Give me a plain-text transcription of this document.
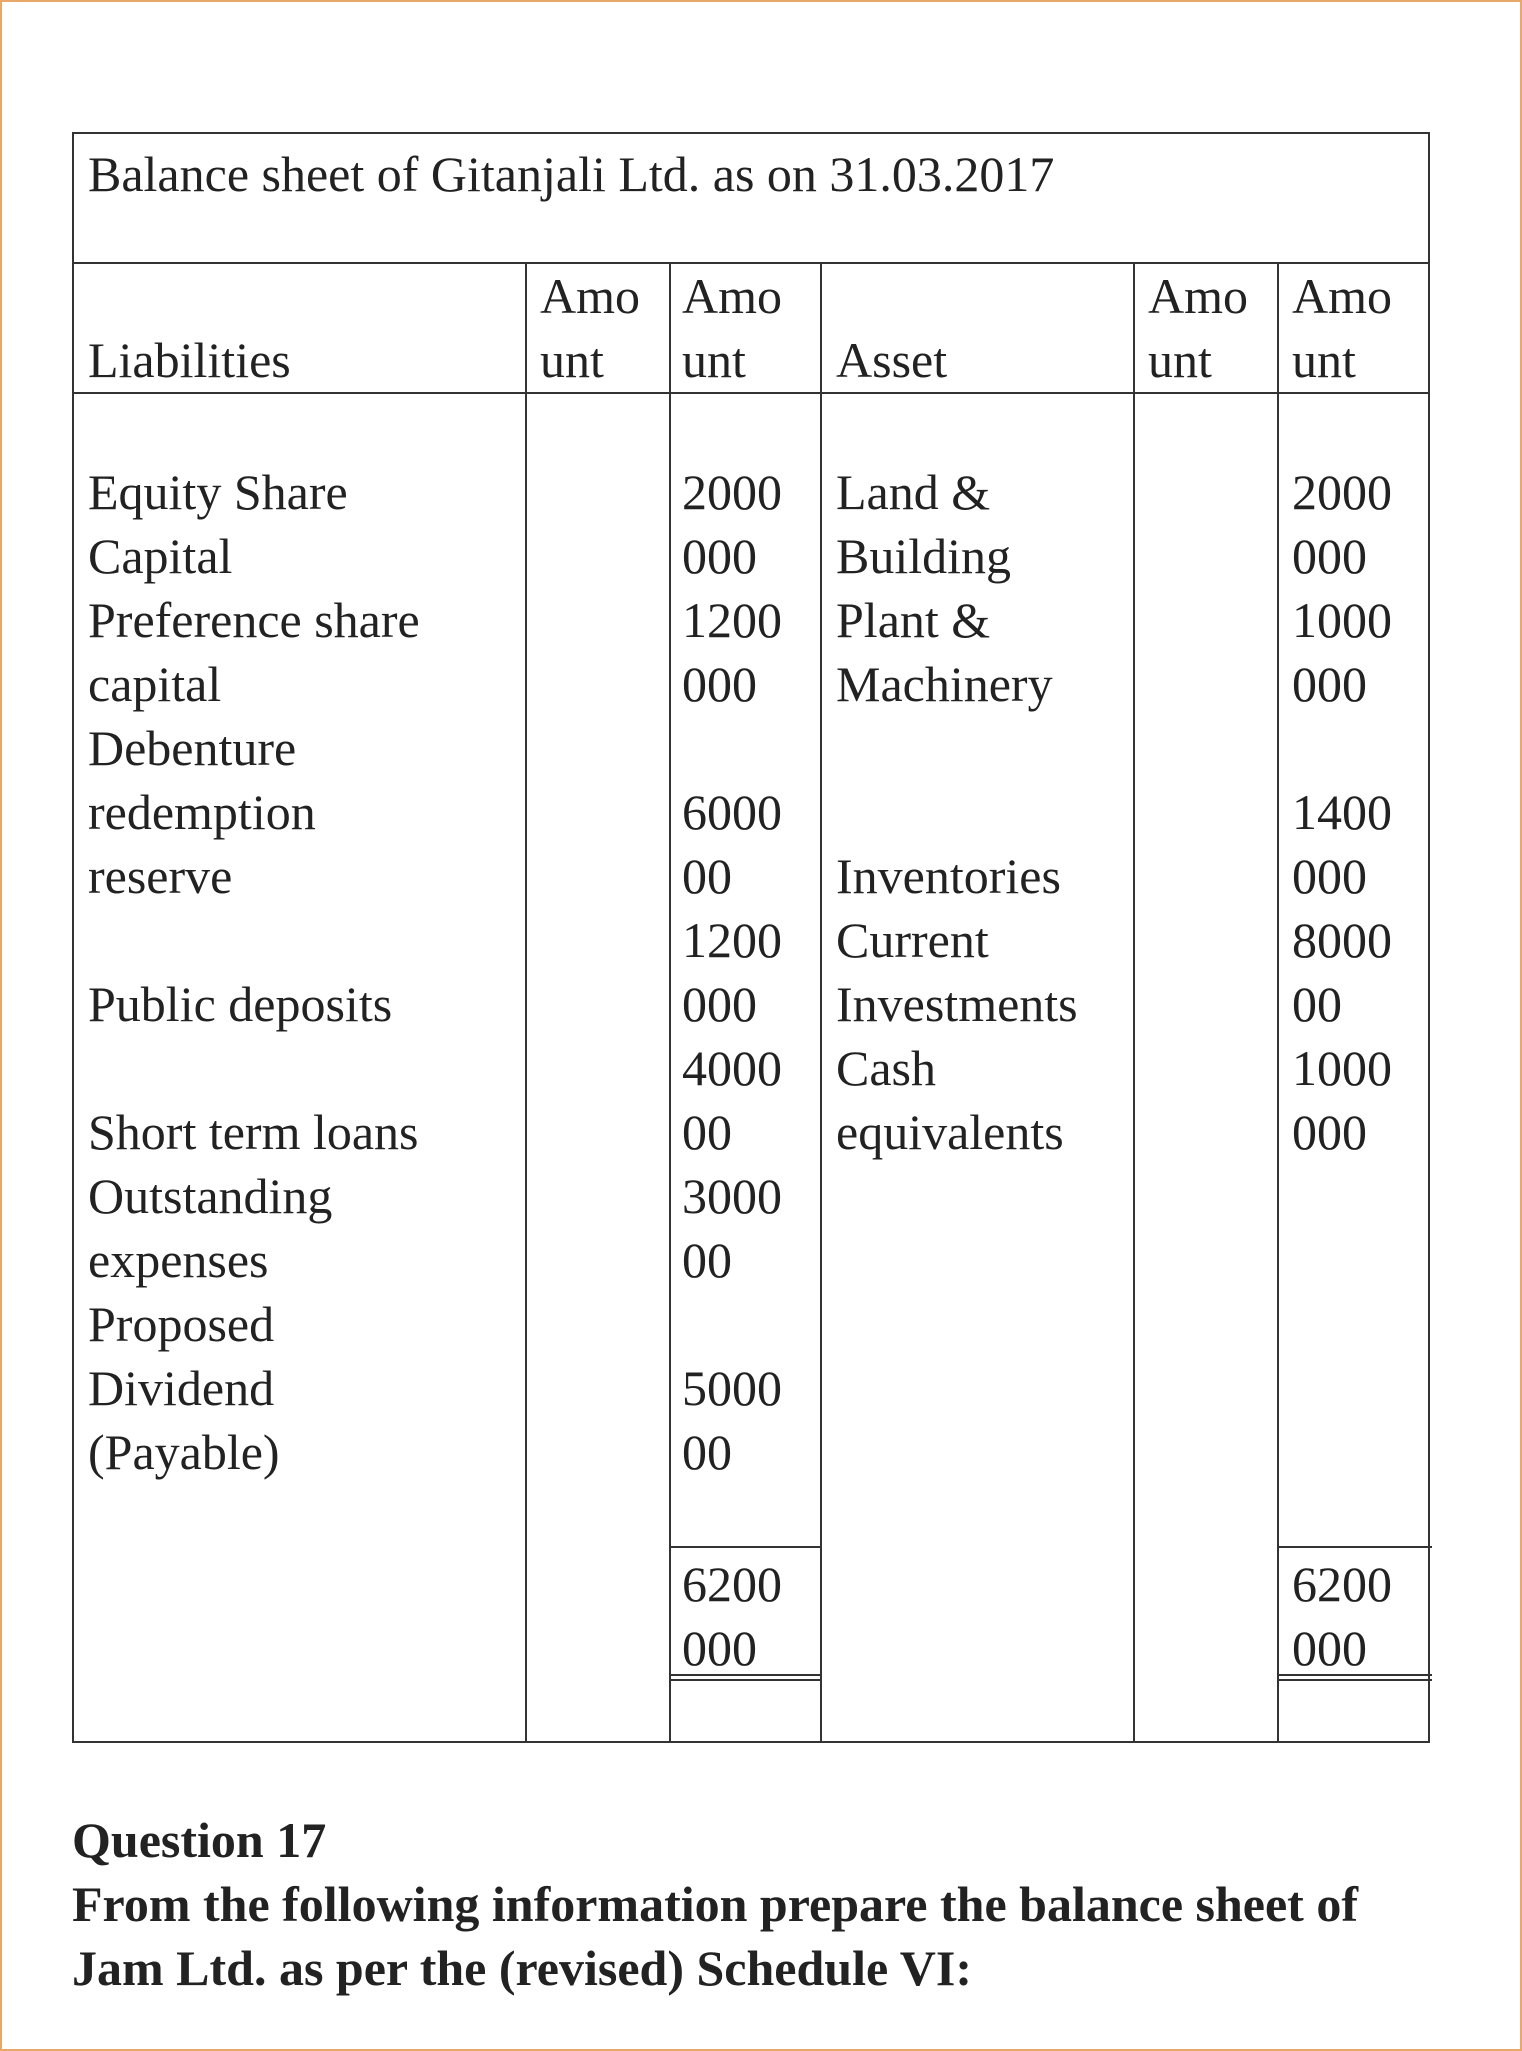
Balance sheet of Gitanjali Ltd. as on 31.03.2017
Liabilities
Amo
unt
Amo
unt Asset
Amo
unt
Amo
unt
Equity Share
Capital
Preference share
capital
Debenture
redemption
reserve
Public deposits
Short term loans
Outstanding
expenses
Proposed
Dividend
(Payable)
2000
000
1200
000
6000
00
1200
000
4000
00
3000
00
5000
00
Land &
Building
Plant &
Machinery
Inventories
Current
Investments
Cash
equivalents
2000
000
1000
000
1400
000
8000
00
1000
000
6200
000
6200
000
Question 17
From the following information prepare the balance sheet of Jam Ltd. as per the (revised) Schedule VI:
